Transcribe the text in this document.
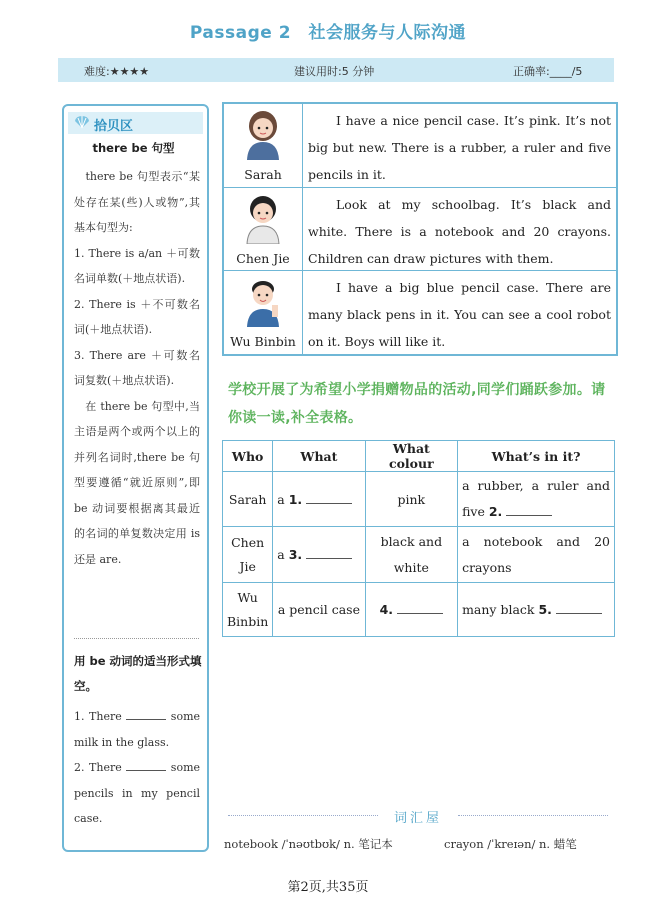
Passage 2　社会服务与人际沟通
难度:★★★★	建议用时:5 分钟	正确率:____/5
拾贝区
there be 句型

　there be 句型表示“某处存在某(些)人或物”,其基本句型为:

1. There is a/an ＋可数名词单数(＋地点状语).

2. There is ＋不可数名词(＋地点状语).

3. There are ＋可数名词复数(＋地点状语).

　在 there be 句型中,当主语是两个或两个以上的并列名词时,there be 句型要遵循“就近原则”,即 be 动词要根据离其最近的名词的单复数决定用 is 还是 are.

用 be 动词的适当形式填空。
1. There	some milk in the glass.
2. There	some pencils in my pencil case.
Sarah
I have a nice pencil case. It’s pink. It’s not big but new. There is a rubber, a ruler and five pencils in it.
Chen Jie
Look at my schoolbag. It’s black and white. There is a notebook and 20 crayons. Children can draw pictures with them.
Wu Binbin
I have a big blue pencil case. There are many black pens in it. You can see a cool robot on it. Boys will like it.
学校开展了为希望小学捐赠物品的活动,同学们踊跃参加。请你读一读,补全表格。
Who	What	What colour	What’s in it?
Sarah	a 1.	pink	a rubber, a ruler and five 2.
Chen Jie	a 3.	black and white	a notebook and 20 crayons
Wu Binbin	a pencil case	4.	many black 5.
词汇屋
notebook /ˈnəʊtbʊk/ n. 笔记本	crayon /ˈkreɪən/ n. 蜡笔
第2页,共35页
